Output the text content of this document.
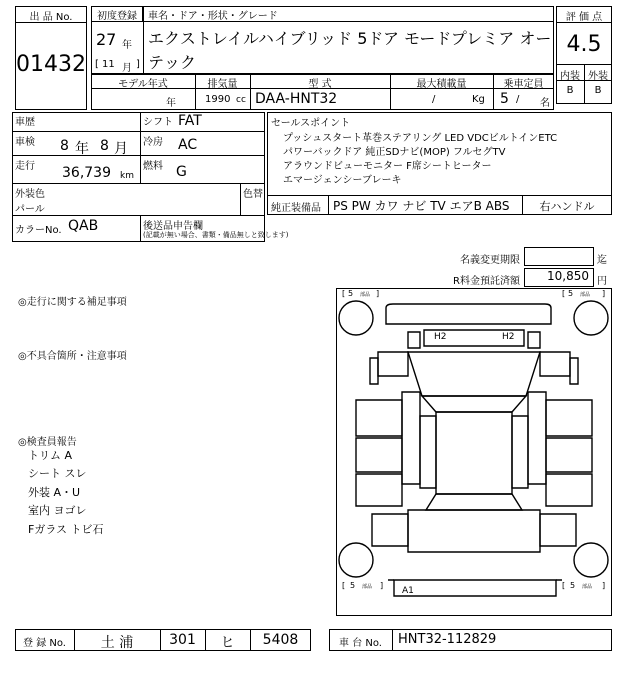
出 品 No.
01432
初度登録	車名・ドア・形状・グレード
27 年
[ 11 月 ]
エクストレイルハイブリッド 5ドア モードプレミア オー
テック
評 価 点
4.5
内装 外装
B	B
モデル年式	排気量	型 式	最大積載量	乗車定員
年	1990 cc DAA-HNT32	/	Kg 5 / 名
車歴	シフト FAT
車検 8 年 8 月 冷房 AC
走行 36,739 km
燃料 G
外装色
パール
色替
カラーNo. QAB	後送品申告欄
(記載が無い場合、書類・備品無しと致します)
セールスポイント
プッシュスタート革巻ステアリング LED VDCビルトインETC
パワーバックドア 純正SDナビ(MOP) フルセグTV
アラウンドビューモニター F席シートヒーター
エマージェンシーブレーキ
純正装備品 PS PW カワ ナビ TV エアB ABS	右ハンドル
名義変更期限	迄
R料金預託済額	10,850 円
◎走行に関する補足事項
◎不具合箇所・注意事項
◎検査員報告
トリム A
シート スレ
外装 A・U
室内 ヨゴレ
Fガラス トビ石
[ 5 部品 ]	[ 5 部品 ]
[ 5 部品 ]	[ 5 部品 ]
H2	H2
A1
登 録 No.	土 浦	301	ヒ	5408	車 台 No.	HNT32-112829
